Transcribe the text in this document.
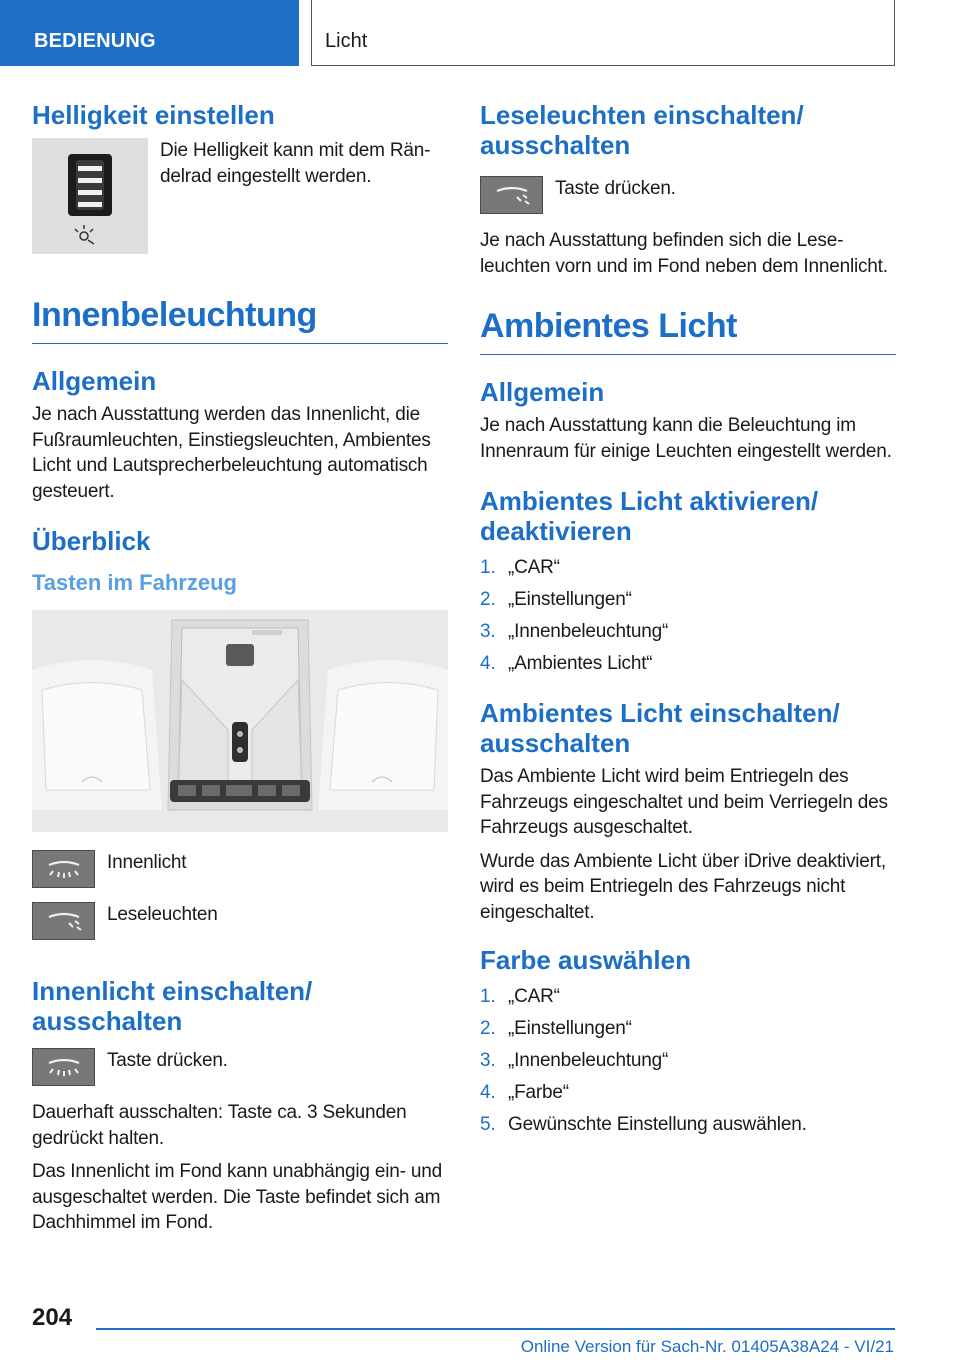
BEDIENUNG	Licht
Helligkeit einstellen
Die Helligkeit kann mit dem Rändelrad eingestellt werden.
Innenbeleuchtung
Allgemein
Je nach Ausstattung werden das Innenlicht, die Fußraumleuchten, Einstiegsleuchten, Ambientes Licht und Lautsprecherbeleuchtung automatisch gesteuert.
Überblick
Tasten im Fahrzeug
Innenlicht
Leseleuchten
Innenlicht einschalten/ ausschalten
Taste drücken.
Dauerhaft ausschalten: Taste ca. 3 Sekunden gedrückt halten.
Das Innenlicht im Fond kann unabhängig ein- und ausgeschaltet werden. Die Taste befindet sich am Dachhimmel im Fond.
Leseleuchten einschalten/ ausschalten
Taste drücken.
Je nach Ausstattung befinden sich die Leseleuchten vorn und im Fond neben dem Innenlicht.
Ambientes Licht
Allgemein
Je nach Ausstattung kann die Beleuchtung im Innenraum für einige Leuchten eingestellt werden.
Ambientes Licht aktivieren/ deaktivieren
1. „CAR“
2. „Einstellungen“
3. „Innenbeleuchtung“
4. „Ambientes Licht“
Ambientes Licht einschalten/ ausschalten
Das Ambiente Licht wird beim Entriegeln des Fahrzeugs eingeschaltet und beim Verriegeln des Fahrzeugs ausgeschaltet.
Wurde das Ambiente Licht über iDrive deaktiviert, wird es beim Entriegeln des Fahrzeugs nicht eingeschaltet.
Farbe auswählen
1. „CAR“
2. „Einstellungen“
3. „Innenbeleuchtung“
4. „Farbe“
5. Gewünschte Einstellung auswählen.
204
Online Version für Sach-Nr. 01405A38A24 - VI/21
